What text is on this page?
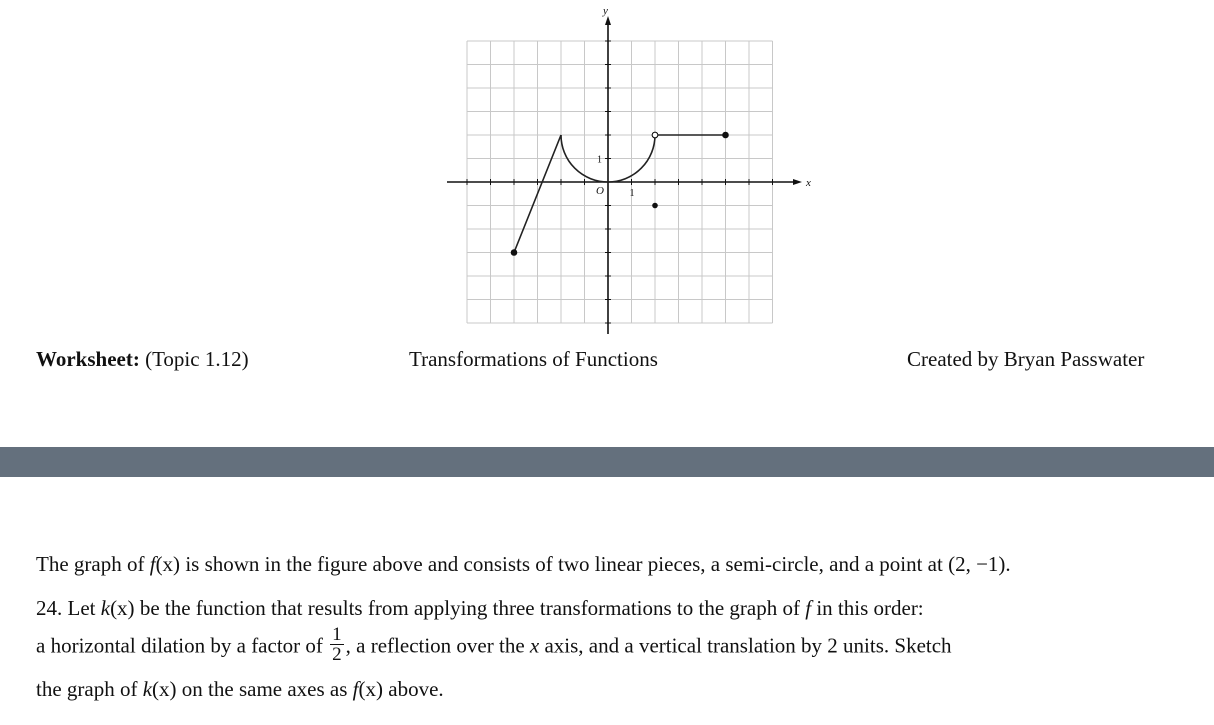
x
y
O	1
1
Worksheet: (Topic 1.12)	Transformations of Functions	Created by Bryan Passwater
The graph of f(x) is shown in the figure above and consists of two linear pieces, a semi-circle, and a point at (2, −1).
24. Let k(x) be the function that results from applying three transformations to the graph of f in this order:
a horizontal dilation by a factor of $\frac{1}{2}$ , a reflection over the x axis, and a vertical translation by 2 units. Sketch
the graph of k(x) on the same axes as f(x) above.
